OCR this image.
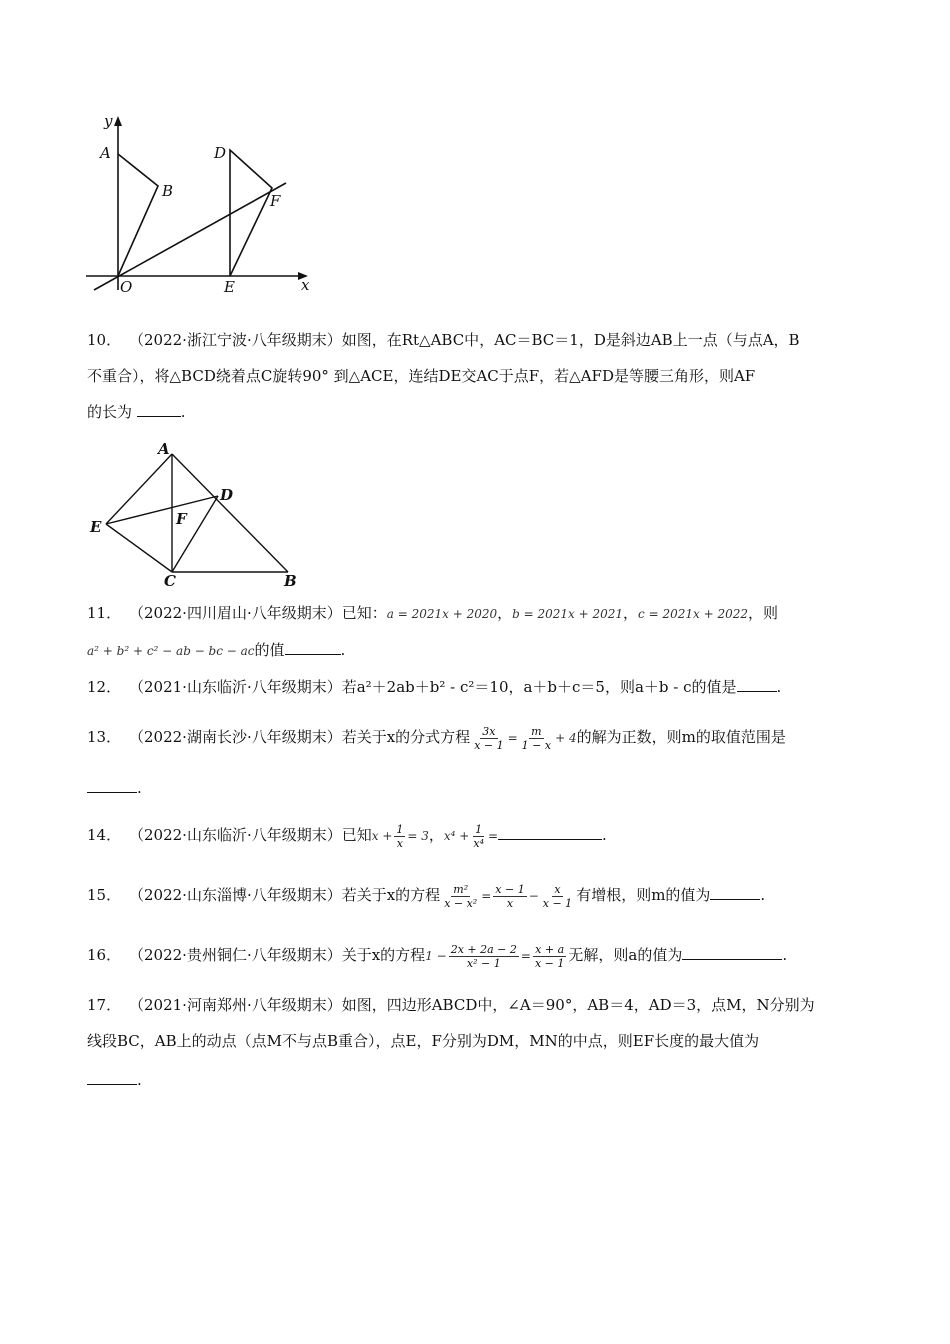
y
x
A
B
O
D
E
F
10． （2022·浙江宁波·八年级期末）如图，在Rt△ABC中，AC＝BC＝1，D是斜边AB上一点（与点A，B
不重合），将△BCD绕着点C旋转90° 到△ACE，连结DE交AC于点F，若△AFD是等腰三角形，则AF
的长为	.
A
D
E	F
C	B
11． （2022·四川眉山·八年级期末）已知：a = 2021x + 2020，b = 2021x + 2021，c = 2021x + 2022，则
a² + b² + c² − ab − bc − ac的值	.
12． （2021·山东临沂·八年级期末）若a²＋2ab＋b² - c²＝10，a＋b＋c＝5，则a＋b - c的值是	.
13． （2022·湖南长沙·八年级期末）若关于x的分式方程 $\frac{3x}{x - 1} = \frac{m}{1 - x} + 4$的解为正数，则m的取值范围是
.
14． （2022·山东临沂·八年级期末）已知$x + \frac{1}{x} = 3$，$x^4 + \frac{1}{\text{x⁴}}$ =	.
15． （2022·山东淄博·八年级期末）若关于x的方程 $\frac{\text{m²}}{\text{x − x²}} = \frac{x - 1}{x} - \frac{x}{x - 1}$ 有增根，则m的值为	.
16． （2022·贵州铜仁·八年级期末）关于x的方程$1 - \frac{2x + 2a - 2}{\text{x² − 1}} = \frac{x + a}{x - 1}$ 无解，则a的值为	.
17． （2021·河南郑州·八年级期末）如图，四边形ABCD中，∠A＝90°，AB＝4，AD＝3，点M，N分别为
线段BC，AB上的动点（点M不与点B重合），点E，F分别为DM，MN的中点，则EF长度的最大值为
.
